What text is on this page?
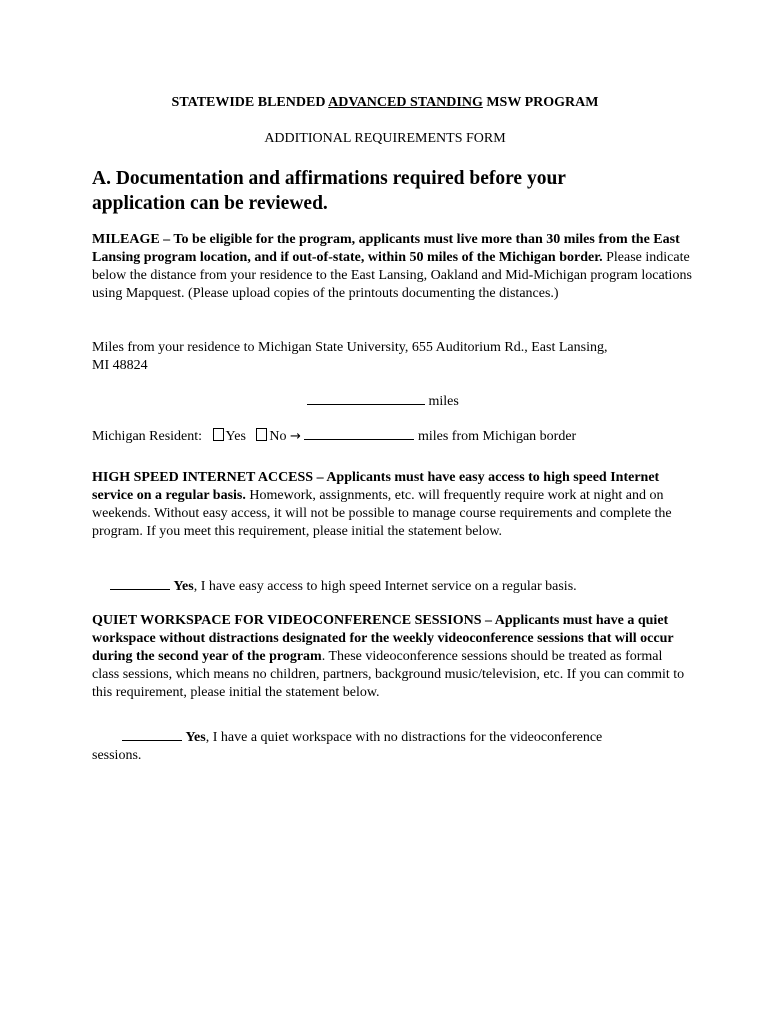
STATEWIDE BLENDED ADVANCED STANDING MSW PROGRAM
ADDITIONAL REQUIREMENTS FORM
A. Documentation and affirmations required before your
application can be reviewed.
MILEAGE – To be eligible for the program, applicants must live more than 30 miles from the East Lansing program location, and if out-of-state, within 50 miles of the Michigan border. Please indicate below the distance from your residence to the East Lansing, Oakland and Mid-Michigan program locations using Mapquest. (Please upload copies of the printouts documenting the distances.)
Miles from your residence to Michigan State University, 655 Auditorium Rd., East Lansing,
MI 48824
miles
Michigan Resident: Yes No →	miles from Michigan border
HIGH SPEED INTERNET ACCESS – Applicants must have easy access to high speed Internet service on a regular basis. Homework, assignments, etc. will frequently require work at night and on weekends. Without easy access, it will not be possible to manage course requirements and complete the program. If you meet this requirement, please initial the statement below.
Yes, I have easy access to high speed Internet service on a regular basis.
QUIET WORKSPACE FOR VIDEOCONFERENCE SESSIONS – Applicants must have a quiet workspace without distractions designated for the weekly videoconference sessions that will occur during the second year of the program. These videoconference sessions should be treated as formal class sessions, which means no children, partners, background music/television, etc. If you can commit to this requirement, please initial the statement below.
Yes, I have a quiet workspace with no distractions for the videoconference
sessions.
